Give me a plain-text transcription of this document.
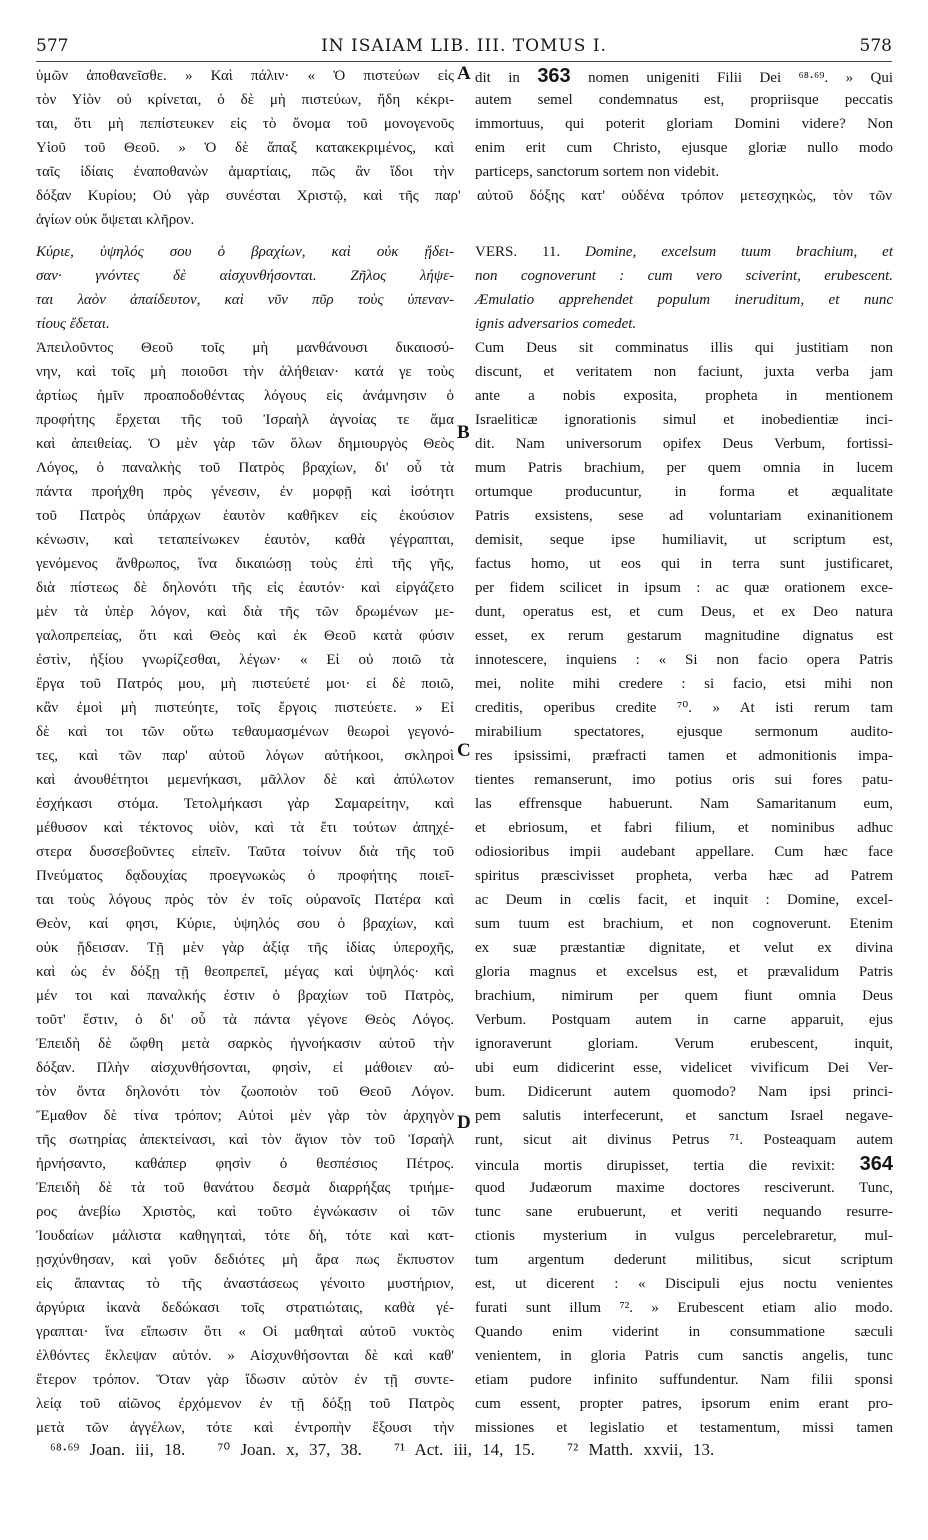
577	IN ISAIAM LIB. III. TOMUS I.	578
ὑμῶν ἀποθανεῖσθε. » Καὶ πάλιν· « Ὁ πιστεύων εἰς
τὸν Υἱὸν οὐ κρίνεται, ὁ δὲ μὴ πιστεύων, ἤδη κέκρι-
ται, ὅτι μὴ πεπίστευκεν εἰς τὸ ὄνομα τοῦ μονογενοῦς
Υἱοῦ τοῦ Θεοῦ. » Ὁ δὲ ἅπαξ κατακεκριμένος, καὶ
ταῖς ἰδίαις ἐναποθανὼν ἁμαρτίαις, πῶς ἂν ἴδοι τὴν
dit in 363 nomen unigeniti Filii Dei ⁶⁸·⁶⁹. » Qui
autem semel condemnatus est, propriisque peccatis
immortuus, qui poterit gloriam Domini videre? Non
enim erit cum Christo, ejusque gloriæ nullo modo
particeps, sanctorum sortem non videbit.
δόξαν Κυρίου; Οὐ γὰρ συνέσται Χριστῷ, καὶ τῆς παρ' αὐτοῦ δόξης κατ' οὐδένα τρόπον μετεσχηκὼς, τὸν τῶν
ἁγίων οὐκ ὄψεται κλῆρον.
Κύριε, ὑψηλός σου ὁ βραχίων, καὶ οὐκ ᾔδει-
σαν· γνόντες δὲ αἰσχυνθήσονται. Ζῆλος λήψε-
ται λαὸν ἀπαίδευτον, καὶ νῦν πῦρ τοὺς ὑπεναν-
τίους ἔδεται.
Ἀπειλοῦντος Θεοῦ τοῖς μὴ μανθάνουσι δικαιοσύ-
νην, καὶ τοῖς μὴ ποιοῦσι τὴν ἀλήθειαν· κατά γε τοὺς
ἀρτίως ἡμῖν προαποδοθέντας λόγους εἰς ἀνάμνησιν ὁ
προφήτης ἔρχεται τῆς τοῦ Ἰσραὴλ ἀγνοίας τε ἅμα
καὶ ἀπειθείας. Ὁ μὲν γὰρ τῶν ὅλων δημιουργὸς Θεὸς
Λόγος, ὁ παναλκὴς τοῦ Πατρὸς βραχίων, δι' οὗ τὰ
πάντα προήχθη πρὸς γένεσιν, ἐν μορφῇ καὶ ἰσότητι
τοῦ Πατρὸς ὑπάρχων ἑαυτὸν καθῆκεν εἰς ἑκούσιον
κένωσιν, καὶ τεταπείνωκεν ἑαυτὸν, καθὰ γέγραπται,
γενόμενος ἄνθρωπος, ἵνα δικαιώσῃ τοὺς ἐπὶ τῆς γῆς,
διὰ πίστεως δὲ δηλονότι τῆς εἰς ἑαυτόν· καὶ εἰργάζετο
μὲν τὰ ὑπὲρ λόγον, καὶ διὰ τῆς τῶν δρωμένων με-
γαλοπρεπείας, ὅτι καὶ Θεὸς καὶ ἐκ Θεοῦ κατὰ φύσιν
ἐστὶν, ἠξίου γνωρίζεσθαι, λέγων· « Εἰ οὐ ποιῶ τὰ
ἔργα τοῦ Πατρός μου, μὴ πιστεύετέ μοι· εἰ δὲ ποιῶ,
κἂν ἐμοὶ μὴ πιστεύητε, τοῖς ἔργοις πιστεύετε. » Εἰ
δὲ καὶ τοι τῶν οὕτω τεθαυμασμένων θεωροὶ γεγονό-
τες, καὶ τῶν παρ' αὐτοῦ λόγων αὐτήκοοι, σκληροὶ
καὶ ἀνουθέτητοι μεμενήκασι, μᾶλλον δὲ καὶ ἀπύλωτον
ἐσχήκασι στόμα. Τετολμήκασι γὰρ Σαμαρείτην, καὶ
μέθυσον καὶ τέκτονος υἱὸν, καὶ τὰ ἔτι τούτων ἀπηχέ-
στερα δυσσεβοῦντες εἰπεῖν. Ταῦτα τοίνυν διὰ τῆς τοῦ
Πνεύματος δᾳδουχίας προεγνωκὼς ὁ προφήτης ποιεῖ-
ται τοὺς λόγους πρὸς τὸν ἐν τοῖς οὐρανοῖς Πατέρα καὶ
Θεὸν, καί φησι, Κύριε, ὑψηλός σου ὁ βραχίων, καὶ
οὐκ ᾔδεισαν. Τῇ μὲν γὰρ ἀξίᾳ τῆς ἰδίας ὑπεροχῆς,
καὶ ὡς ἐν δόξῃ τῇ θεοπρεπεῖ, μέγας καὶ ὑψηλός· καὶ
μέν τοι καὶ παναλκής ἐστιν ὁ βραχίων τοῦ Πατρὸς,
τοῦτ' ἔστιν, ὁ δι' οὗ τὰ πάντα γέγονε Θεὸς Λόγος.
Ἐπειδὴ δὲ ὤφθη μετὰ σαρκὸς ἠγνοήκασιν αὐτοῦ τὴν
δόξαν. Πλὴν αἰσχυνθήσονται, φησὶν, εἰ μάθοιεν αὐ-
τὸν ὄντα δηλονότι τὸν ζωοποιὸν τοῦ Θεοῦ Λόγον.
Ἔμαθον δὲ τίνα τρόπον; Αὐτοὶ μὲν γὰρ τὸν ἀρχηγὸν
τῆς σωτηρίας ἀπεκτείνασι, καὶ τὸν ἅγιον τὸν τοῦ Ἰσραὴλ
ἠρνήσαντο, καθάπερ φησὶν ὁ θεσπέσιος Πέτρος.
Ἐπειδὴ δὲ τὰ τοῦ θανάτου δεσμὰ διαρρήξας τριήμε-
ρος ἀνεβίω Χριστὸς, καὶ τοῦτο ἐγνώκασιν οἱ τῶν
Ἰουδαίων μάλιστα καθηγηταὶ, τότε δὴ, τότε καὶ κατ-
ῃσχύνθησαν, καὶ γοῦν δεδιότες μὴ ἄρα πως ἔκπυστον
εἰς ἅπαντας τὸ τῆς ἀναστάσεως γένοιτο μυστήριον,
ἀργύρια ἱκανὰ δεδώκασι τοῖς στρατιώταις, καθὰ γέ-
γραπται· ἵνα εἴπωσιν ὅτι « Οἱ μαθηταὶ αὐτοῦ νυκτὸς
ἐλθόντες ἔκλεψαν αὐτόν. » Αἰσχυνθήσονται δὲ καὶ καθ'
ἕτερον τρόπον. Ὅταν γὰρ ἴδωσιν αὐτὸν ἐν τῇ συντε-
λείᾳ τοῦ αἰῶνος ἐρχόμενον ἐν τῇ δόξῃ τοῦ Πατρὸς
μετὰ τῶν ἀγγέλων, τότε καὶ ἐντροπὴν ἕξουσι τὴν
VERS. 11. Domine, excelsum tuum brachium, et
non cognoverunt : cum vero sciverint, erubescent.
Æmulatio apprehendet populum ineruditum, et nunc
ignis adversarios comedet.
Cum Deus sit comminatus illis qui justitiam non
discunt, et veritatem non faciunt, juxta verba jam
ante a nobis exposita, propheta in mentionem
Israeliticæ ignorationis simul et inobedientiæ inci-
dit. Nam universorum opifex Deus Verbum, fortissi-
mum Patris brachium, per quem omnia in lucem
ortumque producuntur, in forma et æqualitate
Patris exsistens, sese ad voluntariam exinanitionem
demisit, seque ipse humiliavit, ut scriptum est,
factus homo, ut eos qui in terra sunt justificaret,
per fidem scilicet in ipsum : ac quæ orationem exce-
dunt, operatus est, et cum Deus, et ex Deo natura
esset, ex rerum gestarum magnitudine dignatus est
innotescere, inquiens : « Si non facio opera Patris
mei, nolite mihi credere : si facio, etsi mihi non
creditis, operibus credite ⁷⁰. » At isti rerum tam
mirabilium spectatores, ejusque sermonum audito-
res ipsissimi, præfracti tamen et admonitionis impa-
tientes remanserunt, imo potius oris sui fores patu-
las effrensque habuerunt. Nam Samaritanum eum,
et ebriosum, et fabri filium, et nominibus adhuc
odiosioribus impii audebant appellare. Cum hæc face
spiritus præscivisset propheta, verba hæc ad Patrem
ac Deum in cœlis facit, et inquit : Domine, excel-
sum tuum est brachium, et non cognoverunt. Etenim
ex suæ præstantiæ dignitate, et velut ex divina
gloria magnus et excelsus est, et prævalidum Patris
brachium, nimirum per quem fiunt omnia Deus
Verbum. Postquam autem in carne apparuit, ejus
ignoraverunt gloriam. Verum erubescent, inquit,
ubi eum didicerint esse, videlicet vivificum Dei Ver-
bum. Didicerunt autem quomodo? Nam ipsi princi-
pem salutis interfecerunt, et sanctum Israel negave-
runt, sicut ait divinus Petrus ⁷¹. Posteaquam autem
vincula mortis dirupisset, tertia die revixit: 364
quod Judæorum maxime doctores resciverunt. Tunc,
tunc sane erubuerunt, et veriti nequando resurre-
ctionis mysterium in vulgus percelebraretur, mul-
tum argentum dederunt militibus, sicut scriptum
est, ut dicerent : « Discipuli ejus noctu venientes
furati sunt illum ⁷². » Erubescent etiam alio modo.
Quando enim viderint in consummatione sæculi
venientem, in gloria Patris cum sanctis angelis, tunc
etiam pudore infinito suffundentur. Nam filii sponsi
cum essent, propter patres, ipsorum enim erant pro-
missiones et legislatio et testamentum, missi tamen
A
B
C
D
⁶⁸·⁶⁹ Joan. iii, 18. ⁷⁰ Joan. x, 37, 38. ⁷¹ Act. iii, 14, 15. ⁷² Matth. xxvii, 13.
